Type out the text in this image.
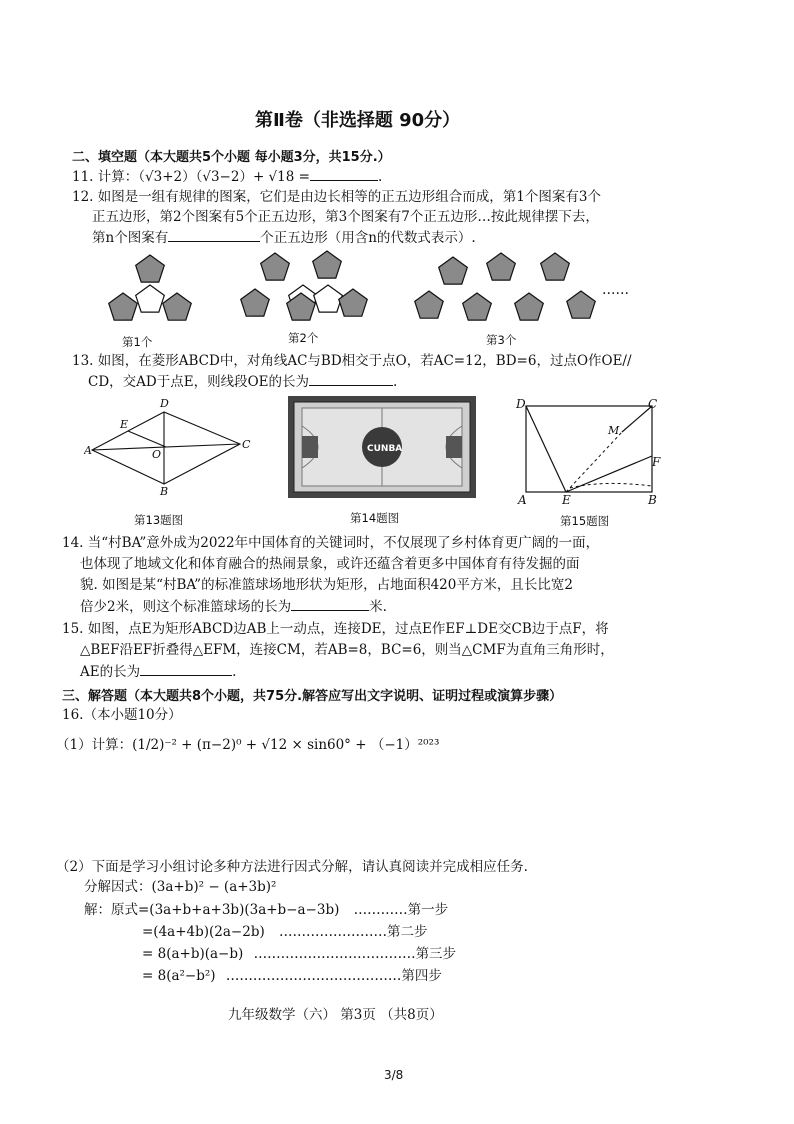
第Ⅱ卷（非选择题 90分）
二、填空题（本大题共5个小题 每小题3分，共15分.）
11. 计算：（√3+2）（√3−2）+ √18 =	.
12. 如图是一组有规律的图案，它们是由边长相等的正五边形组合而成，第1个图案有3个
正五边形，第2个图案有5个正五边形，第3个图案有7个正五边形…按此规律摆下去，
第n个图案有	个正五边形（用含n的代数式表示）.
……
第1个	第2个	第3个
13. 如图，在菱形ABCD中，对角线AC与BD相交于点O，若AC=12，BD=6，过点O作OE//
CD，交AD于点E，则线段OE的长为	.
A
D
C
B
E
O	CUNBA
D	C
M
F
A	E	B
第13题图	第14题图	第15题图
14. 当“村BA”意外成为2022年中国体育的关键词时，不仅展现了乡村体育更广阔的一面，
也体现了地域文化和体育融合的热闹景象，或许还蕴含着更多中国体育有待发掘的面
貌. 如图是某“村BA”的标准篮球场地形状为矩形，占地面积420平方米，且长比宽2
倍少2米，则这个标准篮球场的长为	米.
15. 如图，点E为矩形ABCD边AB上一动点，连接DE，过点E作EF⊥DE交CB边于点F，将
△BEF沿EF折叠得△EFM，连接CM，若AB=8，BC=6，则当△CMF为直角三角形时，
AE的长为	.
三、解答题（本大题共8个小题，共75分.解答应写出文字说明、证明过程或演算步骤）
16.（本小题10分）
（1）计算：(1/2)⁻² + (π−2)⁰ + √12 × sin60° + （−1）²⁰²³
（2）下面是学习小组讨论多种方法进行因式分解，请认真阅读并完成相应任务.
分解因式：(3a+b)² − (a+3b)²
解：原式=(3a+b+a+3b)(3a+b−a−3b) …………第一步
=(4a+4b)(2a−2b) ……………………第二步
= 8(a+b)(a−b) ………………………………第三步
= 8(a²−b²) …………………………………第四步
九年级数学（六） 第3页 （共8页）
3/8
